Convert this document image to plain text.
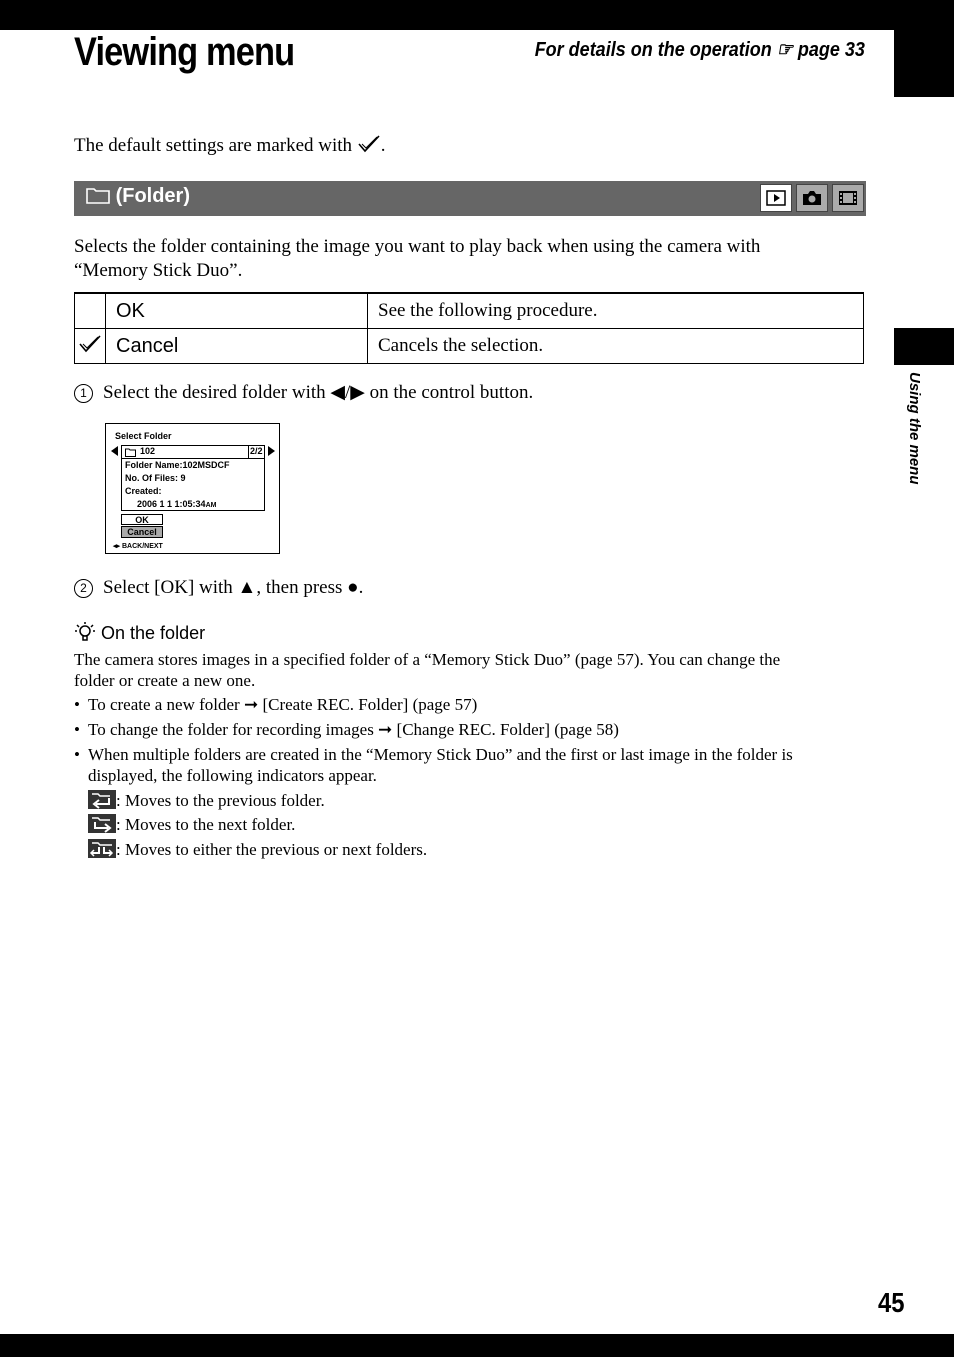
Using the menu
Viewing menu	For details on the operation ☞ page 33
The default settings are marked with .
(Folder)
Selects the folder containing the image you want to play back when using the camera with
“Memory Stick Duo”.
	OK	See the following procedure.
	Cancel	Cancels the selection.
1 Select the desired folder with ◀/▶ on the control button.
Select Folder
102	2/2
Folder Name:102MSDCF
No. Of Files: 9
Created:
2006 1 1 1:05:34AM
OK
Cancel
◂▸ BACK/NEXT
2 Select [OK] with ▲, then press ●.
On the folder
The camera stores images in a specified folder of a “Memory Stick Duo” (page 57). You can change the
folder or create a new one.
• To create a new folder ➞ [Create REC. Folder] (page 57)
• To change the folder for recording images ➞ [Change REC. Folder] (page 58)
• When multiple folders are created in the “Memory Stick Duo” and the first or last image in the folder is displayed, the following indicators appear.
: Moves to the previous folder.
: Moves to the next folder.
: Moves to either the previous or next folders.
45
